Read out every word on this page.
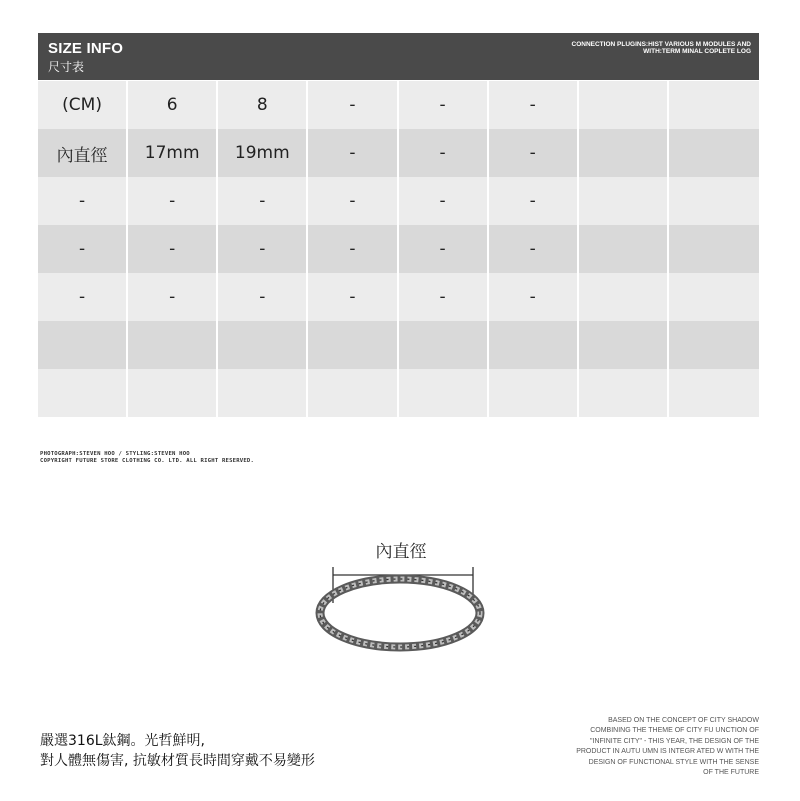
SIZE INFO
尺寸表
CONNECTION PLUGINS:HIST VARIOUS M MODULES AND
WITH:TERM MINAL COPLETE LOG
(CM)	6	8	-	-	-		
內直徑	17mm	19mm	-	-	-		
-	-	-	-	-	-		
-	-	-	-	-	-		
-	-	-	-	-	-		

PHOTOGRAPH:STEVEN HOO / STYLING:STEVEN HOO
COPYRIGHT FUTURE STORE CLOTHING CO. LTD. ALL RIGHT RESERVED.
內直徑
嚴選316L鈦鋼。光哲鮮明,
對人體無傷害, 抗敏材質長時間穿戴不易變形
BASED ON THE CONCEPT OF CITY SHADOW
COMBINING THE THEME OF CITY FU UNCTION OF
"INFINITE CITY" - THIS YEAR, THE DESIGN OF THE
PRODUCT IN AUTU UMN IS INTEGR ATED W WITH THE
DESIGN OF FUNCTIONAL STYLE WITH THE SENSE
OF THE FUTURE
